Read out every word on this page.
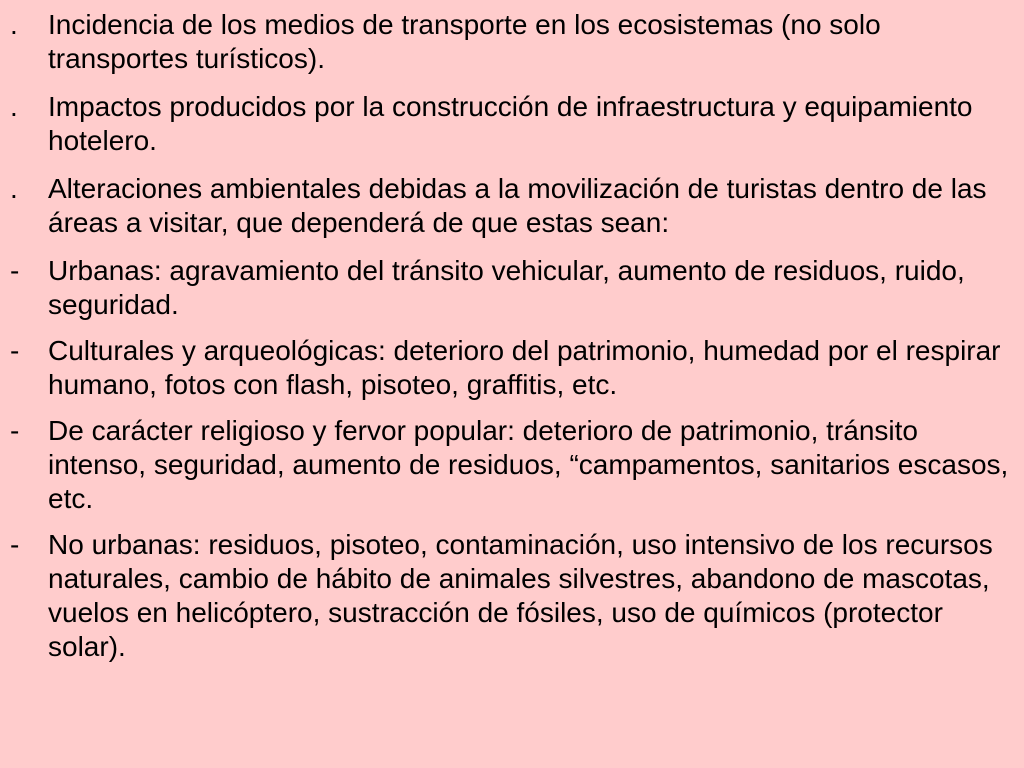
.	Incidencia de los medios de transporte en los ecosistemas (no solo transportes turísticos).
.	Impactos producidos por la construcción de infraestructura y equipamiento hotelero.
.	Alteraciones ambientales debidas a la movilización de turistas dentro de las áreas a visitar, que dependerá de que estas sean:
-	Urbanas: agravamiento del tránsito vehicular, aumento de residuos, ruido, seguridad.
-	Culturales y arqueológicas: deterioro del patrimonio, humedad por el respirar humano, fotos con flash, pisoteo, graffitis, etc.
-	De carácter religioso y fervor popular: deterioro de patrimonio, tránsito intenso, seguridad, aumento de residuos, “campamentos, sanitarios escasos, etc.
-	No urbanas: residuos, pisoteo, contaminación, uso intensivo de los recursos naturales, cambio de hábito de animales silvestres, abandono de mascotas, vuelos en helicóptero, sustracción de fósiles, uso de químicos (protector solar).
